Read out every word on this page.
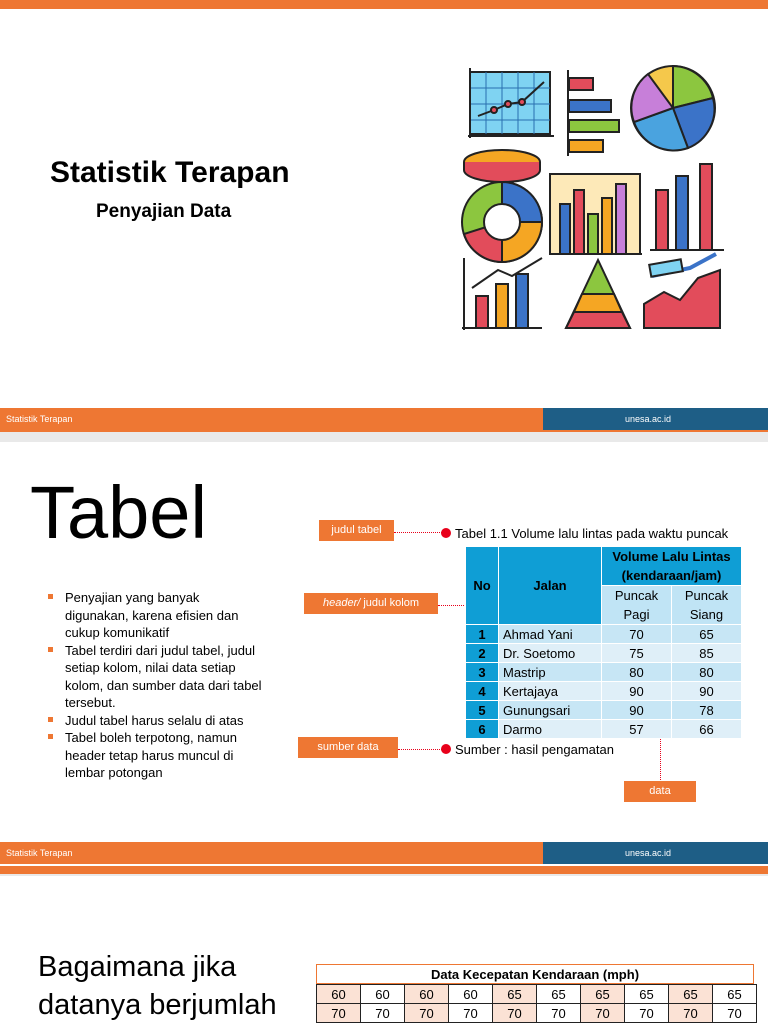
Statistik Terapan
Penyajian Data
Statistik Terapan	unesa.ac.id
Tabel
Penyajian yang banyak digunakan, karena efisien dan cukup komunikatif
Tabel terdiri dari judul tabel, judul setiap kolom, nilai data setiap kolom, dan sumber data dari tabel tersebut.
Judul tabel harus selalu di atas
Tabel boleh terpotong, namun header tetap harus muncul di lembar potongan
judul tabel
header/ judul kolom
sumber data
data
Tabel 1.1 Volume lalu lintas pada waktu puncak
No	Jalan	Volume Lalu Lintas (kendaraan/jam)	
		Puncak Pagi	Puncak Siang
1	Ahmad Yani	70	65
2	Dr. Soetomo	75	85
3	Mastrip	80	80
4	Kertajaya	90	90
5	Gunungsari	90	78
6	Darmo	57	66
Sumber : hasil pengamatan
Statistik Terapan	unesa.ac.id
Bagaimana jika datanya berjumlah
Data Kecepatan Kendaraan (mph)
60	60	60	60	65	65	65	65	65	65
70	70	70	70	70	70	70	70	70	70
